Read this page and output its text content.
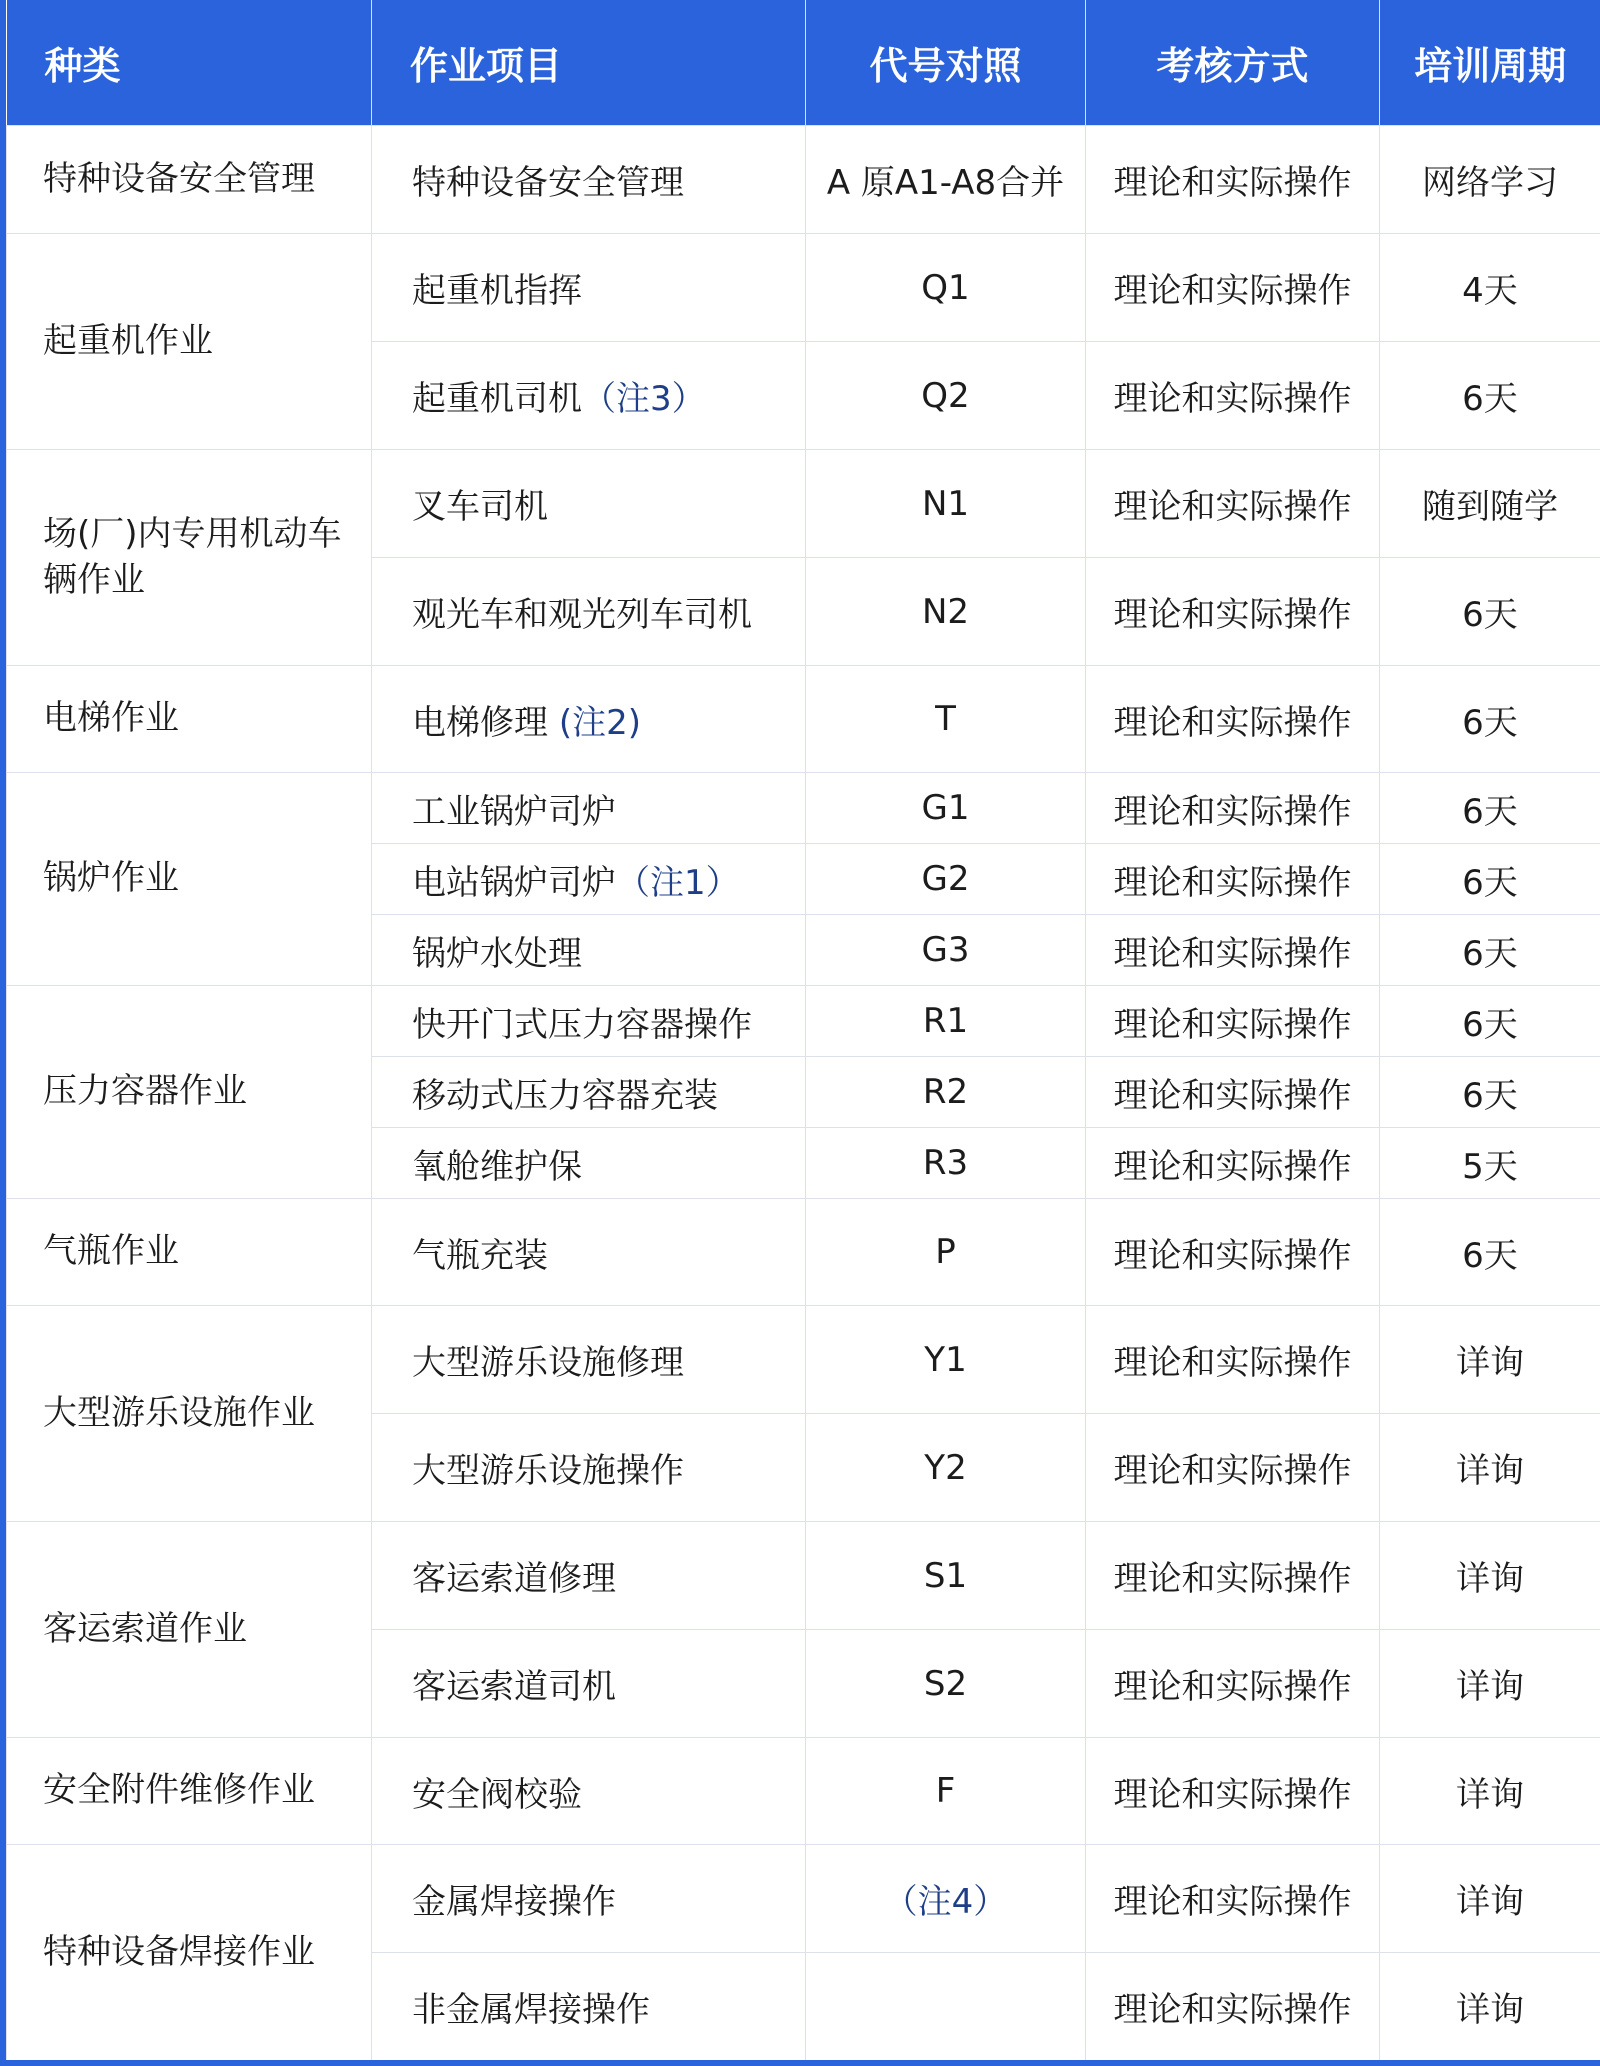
种类	作业项目	代号对照	考核方式	培训周期
特种设备安全管理	特种设备安全管理	A 原A1-A8合并	理论和实际操作	网络学习
起重机作业	起重机指挥	Q1	理论和实际操作	4天
	起重机司机（注3）	Q2	理论和实际操作	6天
场(厂)内专用机动车辆作业	叉车司机	N1	理论和实际操作	随到随学
	观光车和观光列车司机	N2	理论和实际操作	6天
电梯作业	电梯修理 (注2)	T	理论和实际操作	6天
锅炉作业	工业锅炉司炉	G1	理论和实际操作	6天
	电站锅炉司炉（注1）	G2	理论和实际操作	6天
	锅炉水处理	G3	理论和实际操作	6天
压力容器作业	快开门式压力容器操作	R1	理论和实际操作	6天
	移动式压力容器充装	R2	理论和实际操作	6天
	氧舱维护保	R3	理论和实际操作	5天
气瓶作业	气瓶充装	P	理论和实际操作	6天
大型游乐设施作业	大型游乐设施修理	Y1	理论和实际操作	详询
	大型游乐设施操作	Y2	理论和实际操作	详询
客运索道作业	客运索道修理	S1	理论和实际操作	详询
	客运索道司机	S2	理论和实际操作	详询
安全附件维修作业	安全阀校验	F	理论和实际操作	详询
特种设备焊接作业	金属焊接操作	（注4）	理论和实际操作	详询
	非金属焊接操作		理论和实际操作	详询
